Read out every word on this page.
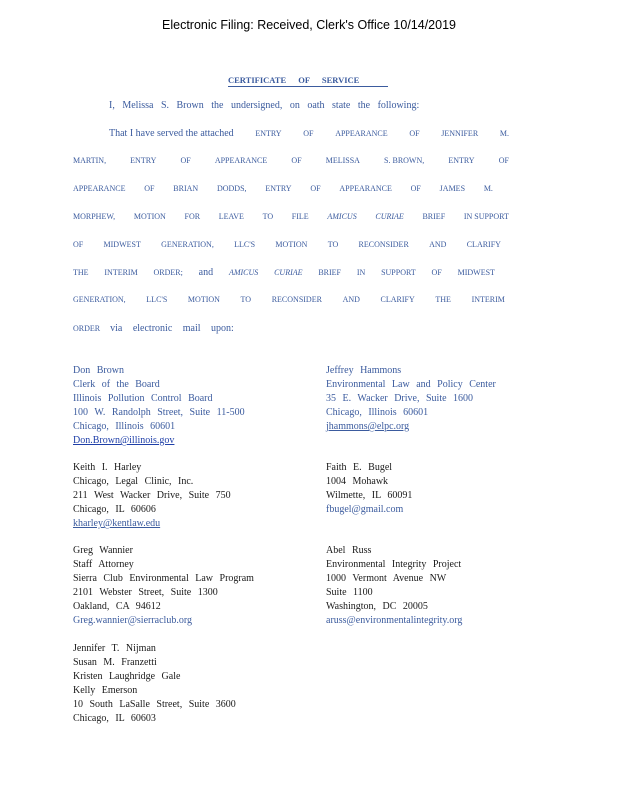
Electronic Filing: Received, Clerk's Office 10/14/2019
CERTIFICATE OF SERVICE
I, Melissa S. Brown the undersigned, on oath state the following:
That I have served the attached	ENTRY	OF	APPEARANCE	OF	JENNIFER	M.
MARTIN,	ENTRY	OF	APPEARANCE	OF	MELISSA	S. BROWN,	ENTRY	OF
APPEARANCE OF BRIAN DODDS, ENTRY OF APPEARANCE OF JAMES M.
MORPHEW, MOTION FOR LEAVE TO FILE AMICUS CURIAE BRIEF IN SUPPORT
OF	MIDWEST	GENERATION,	LLC'S	MOTION	TO	RECONSIDER	AND	CLARIFY
THE INTERIM ORDER; and AMICUS CURIAE BRIEF IN SUPPORT OF MIDWEST
GENERATION,	LLC'S	MOTION	TO	RECONSIDER	AND	CLARIFY	THE	INTERIM
ORDER via electronic mail upon:
Don Brown
Clerk of the Board
Illinois Pollution Control Board
100 W. Randolph Street, Suite 11-500
Chicago, Illinois 60601
Don.Brown@illinois.gov
Jeffrey Hammons
Environmental Law and Policy Center
35 E. Wacker Drive, Suite 1600
Chicago, Illinois 60601
jhammons@elpc.org
Keith I. Harley
Chicago, Legal Clinic, Inc.
211 West Wacker Drive, Suite 750
Chicago, IL 60606
kharley@kentlaw.edu
Faith E. Bugel
1004 Mohawk
Wilmette, IL 60091
fbugel@gmail.com
Greg Wannier
Staff Attorney
Sierra Club Environmental Law Program
2101 Webster Street, Suite 1300
Oakland, CA 94612
Greg.wannier@sierraclub.org
Abel Russ
Environmental Integrity Project
1000 Vermont Avenue NW
Suite 1100
Washington, DC 20005
aruss@environmentalintegrity.org
Jennifer T. Nijman
Susan M. Franzetti
Kristen Laughridge Gale
Kelly Emerson
10 South LaSalle Street, Suite 3600
Chicago, IL 60603
